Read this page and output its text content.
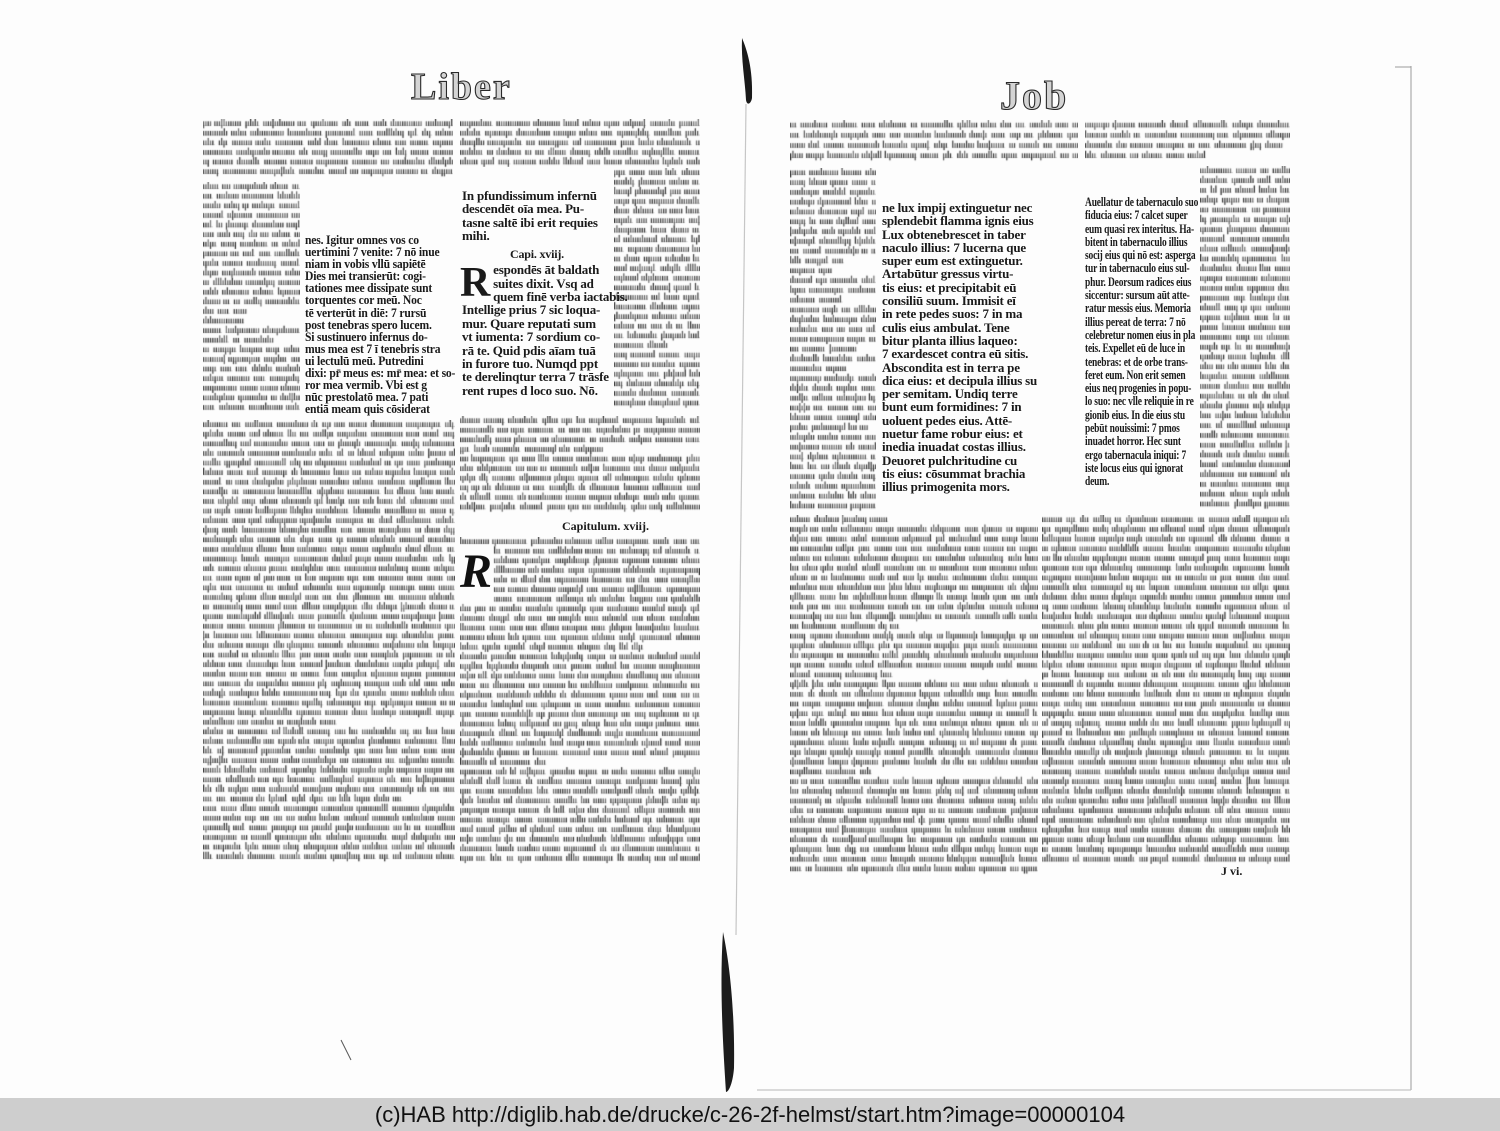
Liber	Job
nes. Igitur omnes vos co
uertimini 7 venite: 7 nō inue
niam in vobis vllū sapiētē
Dies mei transierūt: cogi-
tationes mee dissipate sunt
torquentes cor meū. Noc
tē verterūt in diē: 7 rursū
post tenebras spero lucem.
Si sustinuero infernus do-
mus mea est 7 ī tenebris stra
ui lectulū meū. Putredini
dixi: pr̄ meus es: mr̄ mea: et so-
ror mea vermib. Vbi est g
nūc prestolatō mea. 7 pati
entiā meam quis cōsiderat
In pfundissimum infernū
descendēt oīa mea. Pu-
tasne saltē ibi erit requies
mihi.
Capi. xviij.
Respondēs āt baldath
suites dixit. Vsq ad
quem finē verba iactabis.
Intellige prius 7 sic loqua-
mur. Quare reputati sum
vt iumenta: 7 sordium co-
rā te. Quid pdis aīam tuā
in furore tuo. Numqd ppt
te derelinqtur terra 7 trāsfe
rent rupes d loco suo. Nō.
Capitulum. xviij.
R
ne lux impij extinguetur nec
splendebit flamma ignis eius
Lux obtenebrescet in taber
naculo illius: 7 lucerna que
super eum est extinguetur.
Artabūtur gressus virtu-
tis eius: et precipitabit eū
consiliū suum. Immisit eī
in rete pedes suos: 7 in ma
culis eius ambulat. Tene
bitur planta illius laqueo:
7 exardescet contra eū sitis.
Abscondita est in terra pe
dica eius: et decipula illius su
per semitam. Undiq terre
bunt eum formidines: 7 in
uoluent pedes eius. Attē-
nuetur fame robur eius: et
inedia inuadat costas illius.
Deuoret pulchritudine cu
tis eius: cōsummat brachia
illius primogenita mors.
Auellatur de tabernaculo suo
fiducia eius: 7 calcet super
eum quasi rex interitus. Ha-
bitent in tabernaculo illius
socij eius qui nō est: asperga
tur in tabernaculo eius sul-
phur. Deorsum radices eius
siccentur: sursum aūt atte-
ratur messis eius. Memoria
illius pereat de terra: 7 nō
celebretur nomen eius in pla
teis. Expellet eū de luce in
tenebras: et de orbe trans-
feret eum. Non erit semen
eius neq progenies in popu-
lo suo: nec vlle reliquie in re
gionib eius. In die eius stu
pebūt nouissimi: 7 pmos
inuadet horror. Hec sunt
ergo tabernacula iniqui: 7
iste locus eius qui ignorat
deum.
J vi.
(c)HAB http://diglib.hab.de/drucke/c-26-2f-helmst/start.htm?image=00000104
